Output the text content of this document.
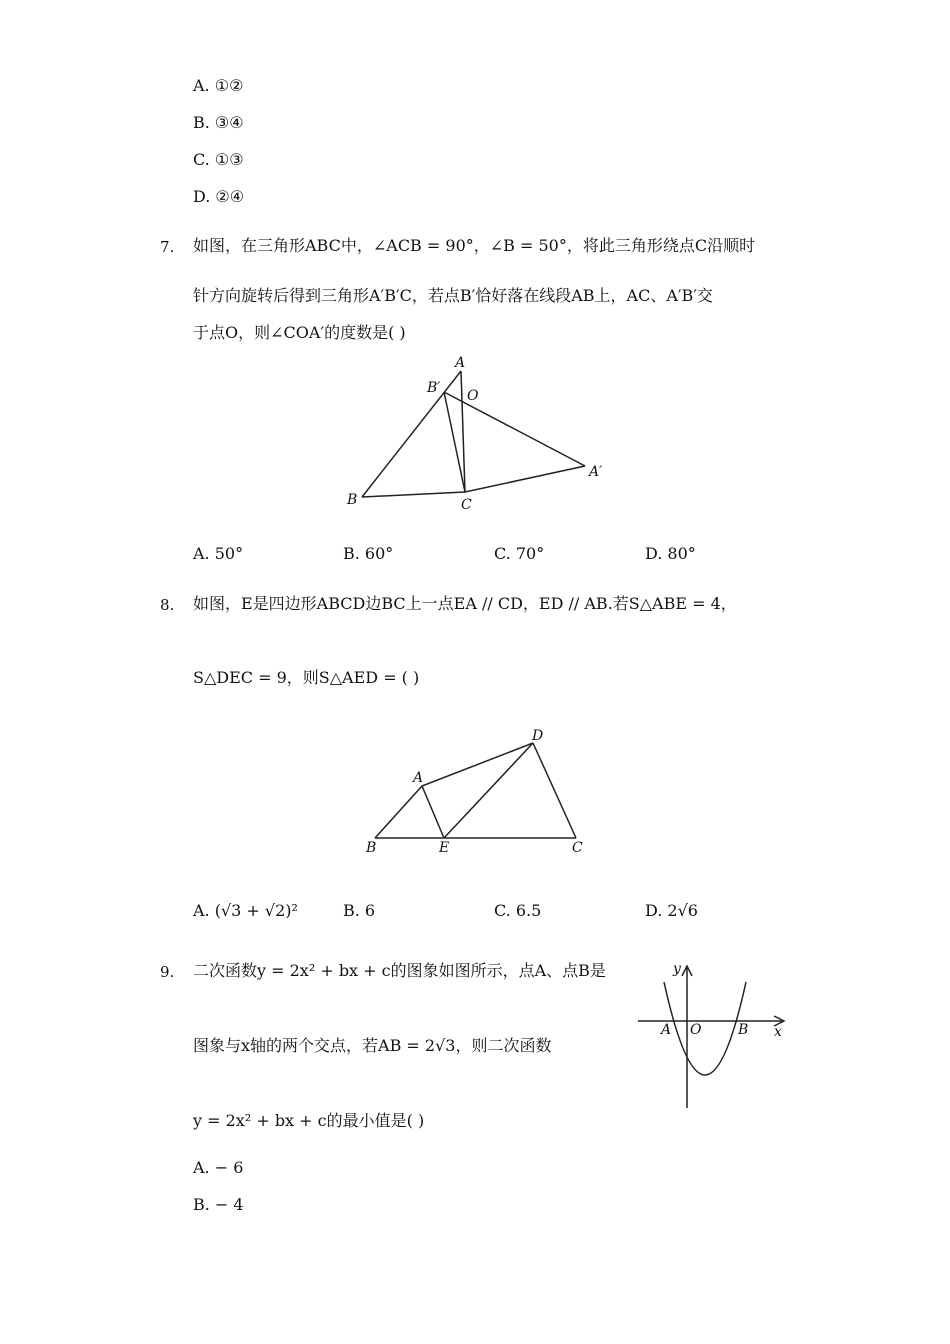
A. ①②
B. ③④
C. ①③
D. ②④
7. 如图，在三角形ABC中，∠ACB = 90°，∠B = 50°，将此三角形绕点C沿顺时
针方向旋转后得到三角形A′B′C，若点B′恰好落在线段AB上，AC、A′B′交
于点O，则∠COA′的度数是( )
A
B′ O
A′
B	C
A. 50°	B. 60°	C. 70°	D. 80°
8. 如图，E是四边形ABCD边BC上一点EA // CD，ED // AB.若S△ABE = 4，
S△DEC = 9，则S△AED = ( )
A
D
B	E	C
A. (√3 + √2)²	B. 6	C. 6.5	D. 2√6
9. 二次函数y = 2x² + bx + c的图象如图所示，点A、点B是
图象与x轴的两个交点，若AB = 2√3，则二次函数
y = 2x² + bx + c的最小值是( )
y
x
A O	B
A. − 6
B. − 4
